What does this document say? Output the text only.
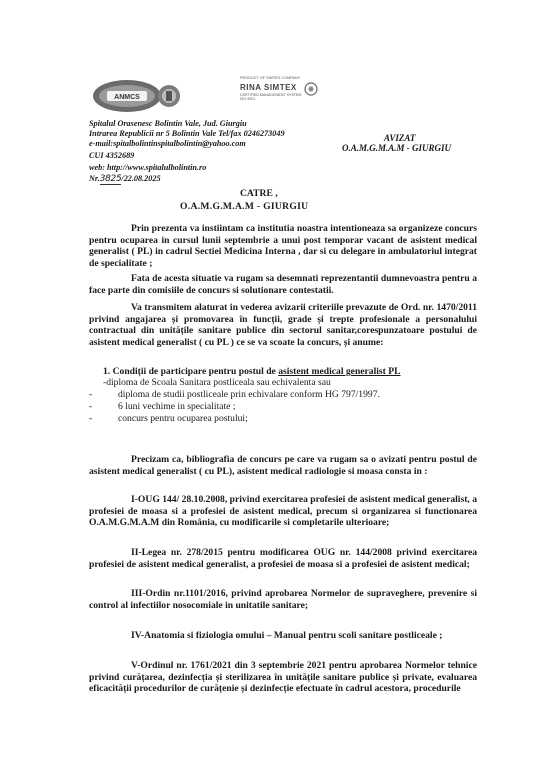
ANMCS
PRODUCT OF SIMTEX COMPANY
RINA SIMTEX
CERTIFIED MANAGEMENT SYSTEM ISO 9001
Spitalul Orasenesc Bolintin Vale, Jud. Giurgiu
Intrarea Republicii nr 5 Bolintin Vale Tel/fax 0246273049
e-mail:spitalbolintinspitalbolintin@yahoo.com
CUI 4352689
web: http://www.spitalulbolintin.ro
Nr.3825/22.08.2025
AVIZAT
O.A.M.G.M.A.M - GIURGIU
CATRE ,
O.A.M.G.M.A.M - GIURGIU
Prin prezenta va instiintam ca institutia noastra intentioneaza sa organizeze concurs pentru ocuparea in cursul lunii septembrie a unui post temporar vacant de asistent medical generalist ( PL) in cadrul Sectiei Medicina Interna , dar si cu delegare in ambulatoriul integrat de specialitate ;
Fata de acesta situatie va rugam sa desemnati reprezentantii dumnevoastra pentru a face parte din comisiile de concurs si solutionare contestatii.
Va transmitem alaturat in vederea avizarii criteriile prevazute de Ord. nr. 1470/2011 privind angajarea și promovarea în funcții, grade și trepte profesionale a personalului contractual din unitățile sanitare publice din sectorul sanitar,corespunzatoare postului de asistent medical generalist ( cu PL ) ce se va scoate la concurs, și anume:
1. Condiții de participare pentru postul de asistent medical generalist PL
-diploma de Scoala Sanitara postliceala sau echivalenta sau
-	diploma de studii postliceale prin echivalare conform HG 797/1997.
-	6 luni vechime in specialitate ;
-	concurs pentru ocuparea postului;
Precizam ca, bibliografia de concurs pe care va rugam sa o avizati pentru postul de asistent medical generalist ( cu PL), asistent medical radiologie si moasa consta in :
I-OUG 144/ 28.10.2008, privind exercitarea profesiei de asistent medical generalist, a profesiei de moasa si a profesiei de asistent medical, precum si organizarea si functionarea O.A.M.G.M.A.M din România, cu modificarile si completarile ulterioare;
II-Legea nr. 278/2015 pentru modificarea OUG nr. 144/2008 privind exercitarea profesiei de asistent medical generalist, a profesiei de moasa si a profesiei de asistent medical;
III-Ordin nr.1101/2016, privind aprobarea Normelor de supraveghere, prevenire si control al infectiilor nosocomiale in unitatile sanitare;
IV-Anatomia si fiziologia omului – Manual pentru scoli sanitare postliceale ;
V-Ordinul nr. 1761/2021 din 3 septembrie 2021 pentru aprobarea Normelor tehnice privind curățarea, dezinfecția și sterilizarea în unitățile sanitare publice și private, evaluarea eficacității procedurilor de curățenie și dezinfecție efectuate în cadrul acestora, procedurile
